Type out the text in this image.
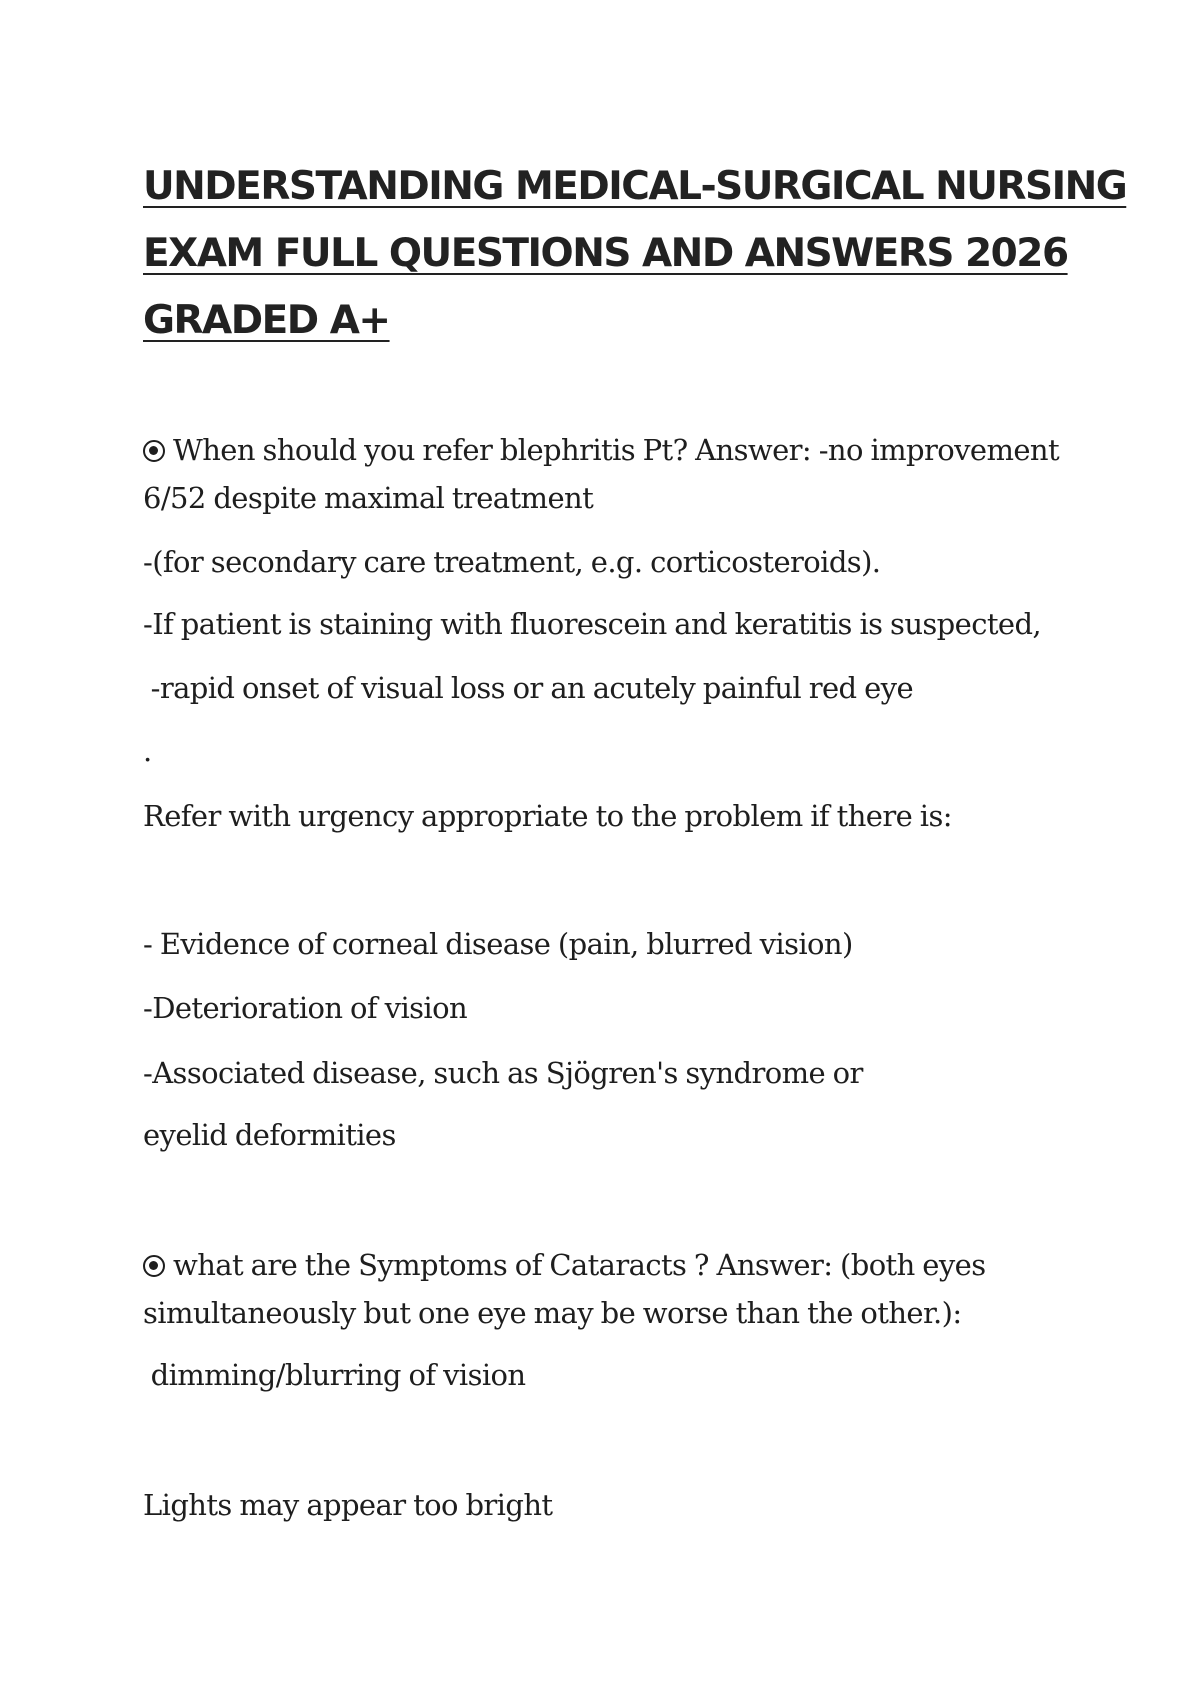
UNDERSTANDING MEDICAL-SURGICAL NURSING
EXAM FULL QUESTIONS AND ANSWERS 2026
GRADED A+

When should you refer blephritis Pt? Answer: -no improvement

6/52 despite maximal treatment

-(for secondary care treatment, e.g. corticosteroids).

-If patient is staining with fluorescein and keratitis is suspected,

-rapid onset of visual loss or an acutely painful red eye

.

Refer with urgency appropriate to the problem if there is:

- Evidence of corneal disease (pain, blurred vision)

-Deterioration of vision

-Associated disease, such as Sjögren's syndrome or

eyelid deformities

what are the Symptoms of Cataracts ? Answer: (both eyes

simultaneously but one eye may be worse than the other.):

dimming/blurring of vision

Lights may appear too bright
